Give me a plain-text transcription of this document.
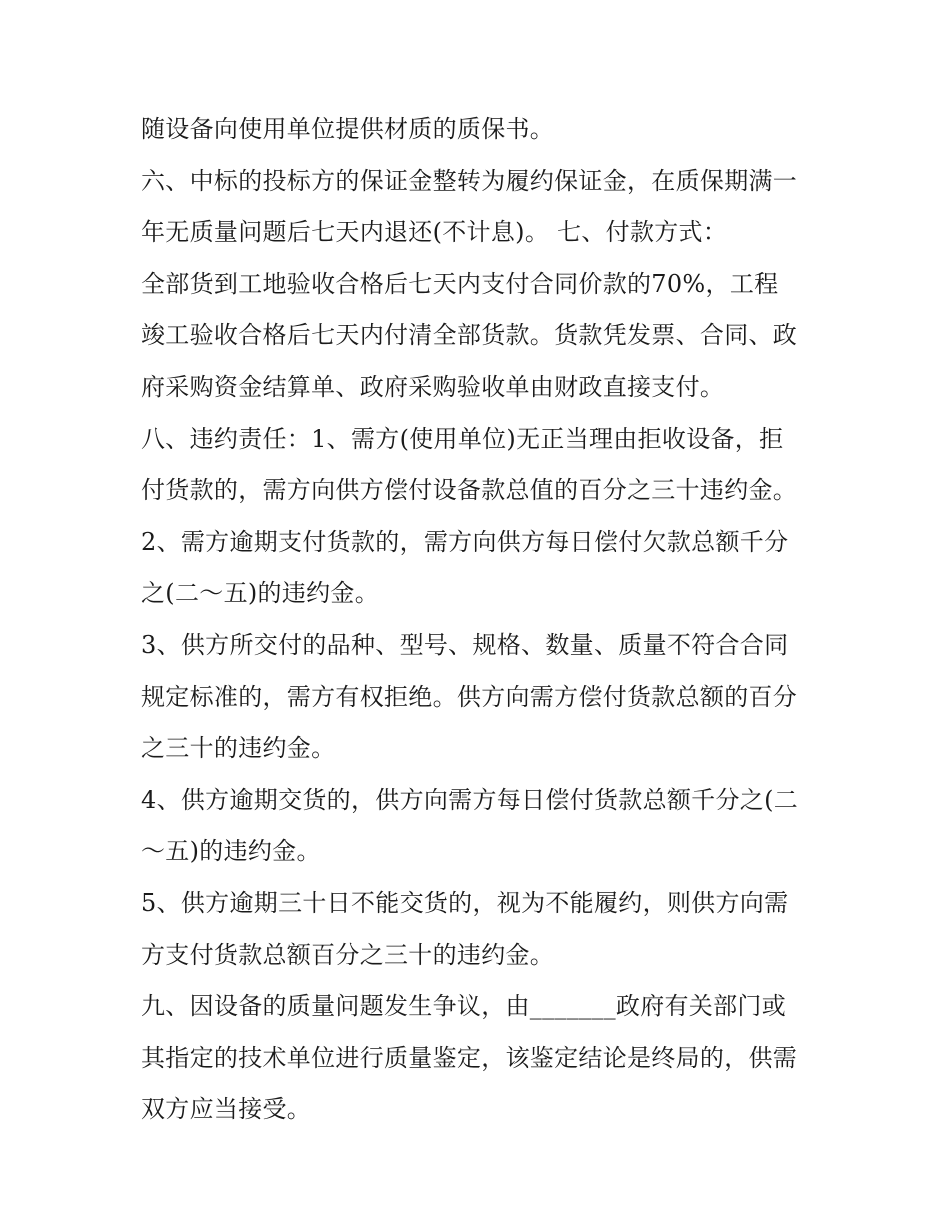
随设备向使用单位提供材质的质保书。
六、中标的投标方的保证金整转为履约保证金，在质保期满一
年无质量问题后七天内退还(不计息)。 七、付款方式：
全部货到工地验收合格后七天内支付合同价款的70%，工程
竣工验收合格后七天内付清全部货款。货款凭发票、合同、政
府采购资金结算单、政府采购验收单由财政直接支付。
八、违约责任：1、需方(使用单位)无正当理由拒收设备，拒
付货款的，需方向供方偿付设备款总值的百分之三十违约金。
2、需方逾期支付货款的，需方向供方每日偿付欠款总额千分
之(二～五)的违约金。
3、供方所交付的品种、型号、规格、数量、质量不符合合同
规定标准的，需方有权拒绝。供方向需方偿付货款总额的百分
之三十的违约金。
4、供方逾期交货的，供方向需方每日偿付货款总额千分之(二
～五)的违约金。
5、供方逾期三十日不能交货的，视为不能履约，则供方向需
方支付货款总额百分之三十的违约金。
九、因设备的质量问题发生争议，由_______政府有关部门或
其指定的技术单位进行质量鉴定，该鉴定结论是终局的，供需
双方应当接受。
